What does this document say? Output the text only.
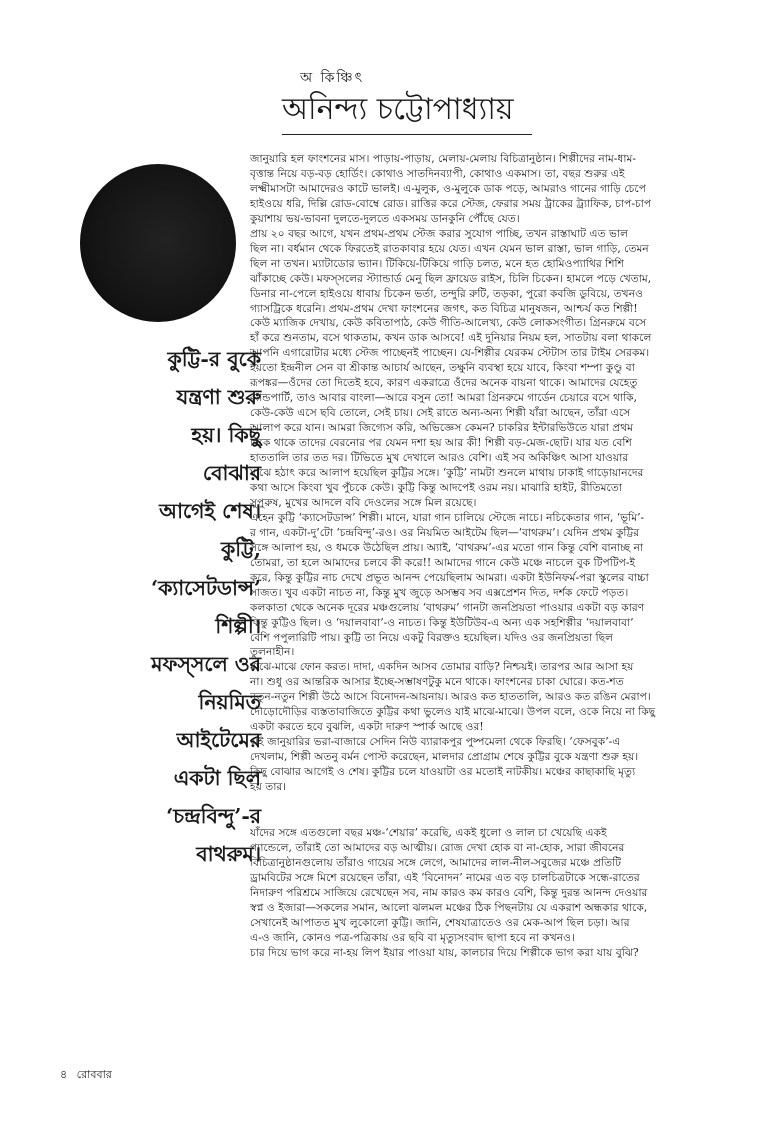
অ কিঞ্চিৎ
অনিন্দ্য চট্টোপাধ্যায়
কুট্টি-র বুকে
যন্ত্রণা শুরু
হয়। কিছু
বোঝার
আগেই শেষ।
কুট্টি,
‘ক্যাসেটডান্স’
শিল্পী।
মফস্‌সলে ওর
নিয়মিত
আইটেমের
একটা ছিল
‘চন্দ্রবিন্দু’-র
বাথরুম।
জানুয়ারি হল ফাংশনের মাস। পাড়ায়-পাড়ায়, মেলায়-মেলায় বিচিত্রানুষ্ঠান। শিল্পীদের নাম-ধাম-
বৃত্তান্ত নিয়ে বড়-বড় হোর্ডিং। কোথাও সাতদিনব্যাপী, কোথাও একমাস। তা, বছর শুরুর এই
লক্ষ্মীমাসটা আমাদেরও কাটে ভালই। এ-মুলুক, ও-মুলুকে ডাক পড়ে, আমরাও গানের গাড়ি চেপে
হাইওয়ে ধরি, দিল্লি রোড-বোম্বে রোড। রাত্তির করে স্টেজ, ফেরার সময় ট্রাকের ট্র্যাফিক, চাপ-চাপ
কুয়াশায় ভয়-ভাবনা দুলতে-দুলতে একসময় ডানকুনি পৌঁছে যেত।
প্রায় ২০ বছর আগে, যখন প্রথম-প্রথম স্টেজ করার সুযোগ পাচ্ছি, তখন রাস্তাঘাট এত ভাল
ছিল না। বর্ধমান থেকে ফিরতেই রাতকাবার হয়ে যেত। এখন যেমন ভাল রাস্তা, ভাল গাড়ি, তেমন
ছিল না তখন। ম্যাটাডোর ভ্যান। টিকিয়ে-টিকিয়ে গাড়ি চলত, মনে হত হোমিওপ্যাথির শিশি
ঝাঁকাচ্ছে কেউ। মফস্‌সলের স্ট্যান্ডার্ড মেনু ছিল ফ্রায়েড রাইস, চিলি চিকেন। হামলে পড়ে খেতাম,
ডিনার না-পেলে হাইওয়ে ধাবায় চিকেন ভর্তা, তন্দুরি রুটি, তড়কা, পুরো কবজি ডুবিয়ে, তখনও
গ্যাসট্রিকে ধরেনি। প্রথম-প্রথম দেখা ফাংশনের জগৎ, কত বিচিত্র মানুষজন, আশ্চর্য কত শিল্পী!
কেউ ম্যাজিক দেখায়, কেউ কবিতাপাঠ, কেউ গীতি-আলেখ্য, কেউ লোকসংগীত। গ্রিনরুমে বসে
হাঁ করে শুনতাম, বসে থাকতাম, কখন ডাক আসবে! এই দুনিয়ার নিয়ম হল, সাতটায় বলা থাকলে
আপনি এগারোটার মধ্যে স্টেজ পাচ্ছেনই পাচ্ছেন। যে-শিল্পীর যেরকম স্টেটাস তার টাইম সেরকম।
হয়তো ইন্দ্রনীল সেন বা শ্রীকান্ত আচার্য আছেন, তক্ষুনি ব্যবস্থা হয়ে যাবে, কিংবা শম্পা কুণ্ডু বা
রূপঙ্কর—ওঁদের তো দিতেই হবে, কারণ একরাত্রে ওঁদের অনেক বায়না থাকে। আমাদের যেহেতু
ব্যান্ডপার্টি, তাও আবার বাংলা—আরে বসুন তো! আমরা গ্রিনরুমে গার্ডেন চেয়ারে বসে থাকি,
কেউ-কেউ এসে ছবি তোলে, সেই চায়। সেই রাতে অন্য-অন্য শিল্পী যাঁরা আছেন, তাঁরা এসে
আলাপ করে যান। আমরা জিগ্যেস করি, অভিজ্ঞেস কেমন? চাকরির ইন্টারভিউতে যারা প্রথম
দিকে থাকে তাদের বেরনোর পর যেমন দশা হয় আর কী! শিল্পী বড়-মেজ-ছোট। যার যত বেশি
হাততালি তার তত দর। টিভিতে মুখ দেখালে আরও বেশি। এই সব অকিঞ্চিৎ আসা যাওয়ার
মাঝে হঠাৎ করে আলাপ হয়েছিল কুট্টির সঙ্গে। ‘কুট্টি’ নামটা শুনলে মাথায় ঢাকাই গাড়োয়ানদের
কথা আসে কিংবা খুব পুঁচকে কেউ। কুট্টি কিন্তু আদপেই ওরম নয়। মাঝারি হাইট, রীতিমতো
সুপুরুষ, মুখের আদলে ববি দেওলের সঙ্গে মিল রয়েছে।
এহেন কুট্টি ‘ক্যাসেটডান্স’ শিল্পী। মানে, যারা গান চালিয়ে স্টেজে নাচে। নচিকেতার গান, ‘ভূমি’-
র গান, একটা-দু’টো ‘চন্দ্রবিন্দু’-রও। ওর নিয়মিত আইটেম ছিল—‘বাথরুম’। যেদিন প্রথম কুট্টির
সঙ্গে আলাপ হয়, ও ধমকে উঠেছিল প্রায়। অ্যাই, ‘বাথরুম’-এর মতো গান কিন্তু বেশি বানাচ্ছ না
তোমরা, তা হলে আমাদের চলবে কী করে!! আমাদের গানে কেউ মঞ্চে নাচলে বুক টিপটিপ-ই
করে, কিন্তু কুট্টির নাচ দেখে প্রভূত আনন্দ পেয়েছিলাম আমরা। একটা ইউনিফর্ম-পরা স্কুলের বাচ্চা
সাজত। খুব একটা নাচত না, কিন্তু মুখ জুড়ে অসম্ভব সব এক্সপ্রেশন দিত, দর্শক ফেটে পড়ত।
কলকাতা থেকে অনেক দূরের মঞ্চগুলোয় ‘বাথরুম’ গানটা জনপ্রিয়তা পাওয়ার একটা বড় কারণ
কিন্তু কুট্টিও ছিল। ও ‘দয়ালবাবা’-ও নাচত। কিন্তু ইউটিউব-এ অন্য এক সহশিল্পীর ‘দয়ালবাবা’
বেশি পপুলারিটি পায়। কুট্টি তা নিয়ে একটু বিরক্তও হয়েছিল। যদিও ওর জনপ্রিয়তা ছিল
তুলনাহীন।
মাঝে-মাঝে ফোন করত। দাদা, একদিন আসব তোমার বাড়ি? নিশ্চয়ই। তারপর আর আসা হয়
না। শুধু ওর আন্তরিক আসার ইচ্ছে-সম্ভাষণটুকু মনে থাকে। ফাংশনের চাকা ঘোরে। কত-শত
নতুন-নতুন শিল্পী উঠে আসে বিনোদন-আয়নায়। আরও কত হাততালি, আরও কত রঙিন মেরাপ।
দৌড়োদৌড়ির ব্যস্ততাবাজিতে কুট্টির কথা ভুলেও যাই মাঝে-মাঝে। উপল বলে, ওকে নিয়ে না কিছু
একটা করতে হবে বুঝলি, একটা দারুণ স্পার্ক আছে ওর!
এই জানুয়ারির ভরা-বাজারে সেদিন নিউ ব্যারাকপুর পুষ্পমেলা থেকে ফিরছি। ‘ফেসবুক’-এ
দেখলাম, শিল্পী অতনু বর্মন পোস্ট করেছেন, মালদার প্রোগ্রাম শেষে কুট্টির বুকে যন্ত্রণা শুরু হয়।
কিছু বোঝার আগেই ও শেষ। কুট্টির চলে যাওয়াটা ওর মতোই নাটকীয়। মঞ্চের কাছাকাছি মৃত্যু
হয় তার।
যাঁদের সঙ্গে এতগুলো বছর মঞ্চ-‘শেয়ার’ করেছি, একই ধুলো ও লাল চা খেয়েছি একই
প্যান্ডেলে, তাঁরাই তো আমাদের বড় আত্মীয়। রোজ দেখা হোক বা না-হোক, সারা জীবনের
বিচিত্রানুষ্ঠানগুলোয় তাঁরাও গায়ের সঙ্গে লেগে, আমাদের লাল-নীল-সবুজের মঞ্চে প্রতিটি
ড্রামবিটের সঙ্গে মিশে রয়েছেন তাঁরা, এই ‘বিনোদন’ নামের এত বড় চালচিত্রটাকে সন্ধে-রাতের
নিদারুণ পরিশ্রমে সাজিয়ে রেখেছেন সব, নাম কারও কম কারও বেশি, কিন্তু দুরন্ত আনন্দ দেওয়ার
স্বপ্ন ও ইজারা—সকলের সমান, আলো ঝলমল মঞ্চের ঠিক পিছনটায় যে একরাশ অন্ধকার থাকে,
সেখানেই আপাতত মুখ লুকোলো কুট্টি। জানি, শেষযাত্রাতেও ওর মেক-আপ ছিল চড়া। আর
এ-ও জানি, কোনও পত্র-পত্রিকায় ওর ছবি বা মৃত্যুসংবাদ ছাপা হবে না কখনও।
চার দিয়ে ভাগ করে না-হয় লিপ ইয়ার পাওয়া যায়, কালচার দিয়ে শিল্পীকে ভাগ করা যায় বুঝি?
৪ রোববার
